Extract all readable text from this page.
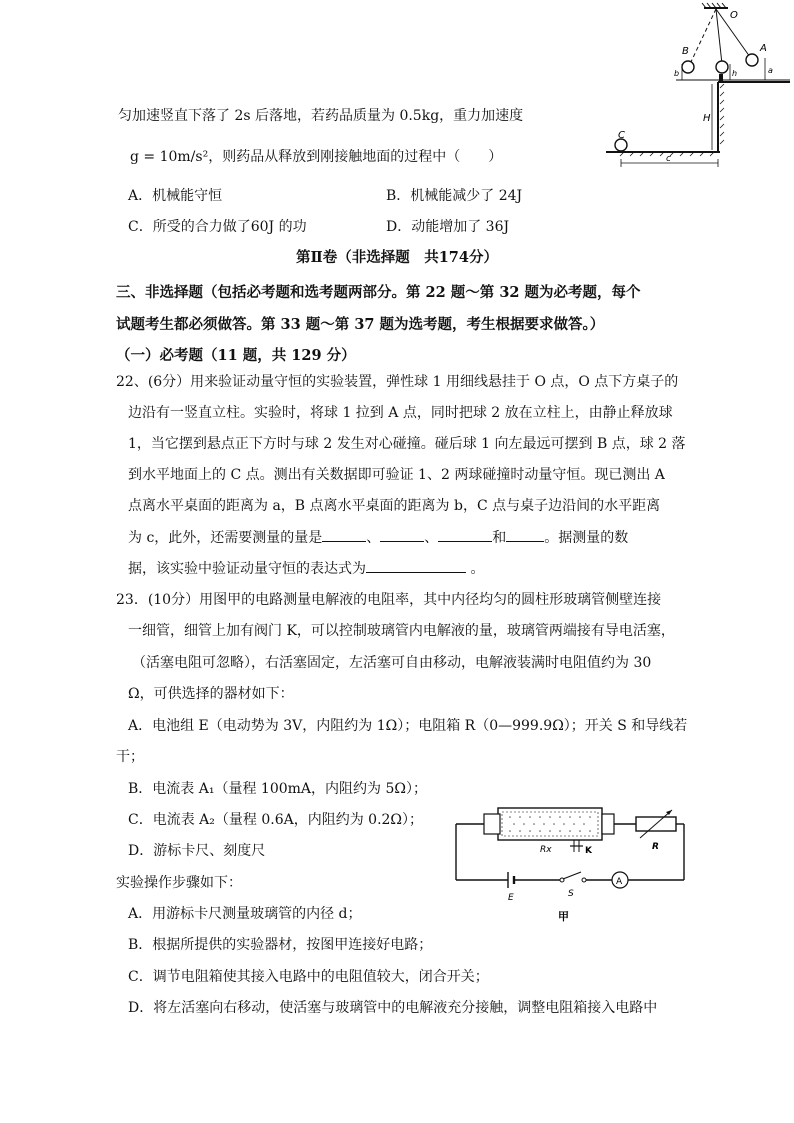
匀加速竖直下落了 2s 后落地，若药品质量为 0.5kg，重力加速度
g = 10m/s²，则药品从释放到刚接触地面的过程中（　　）
A．机械能守恒	B．机械能减少了 24J
C．所受的合力做了60J 的功	D．动能增加了 36J
O
A
B
C
a
b	h
H
c
第Ⅱ卷（非选择题　共174分）
三、非选择题（包括必考题和选考题两部分。第 22 题～第 32 题为必考题，每个
试题考生都必须做答。第 33 题～第 37 题为选考题，考生根据要求做答。）
（一）必考题（11 题，共 129 分）
22、(6分）用来验证动量守恒的实验装置，弹性球 1 用细线悬挂于 O 点，O 点下方桌子的
边沿有一竖直立柱。实验时，将球 1 拉到 A 点，同时把球 2 放在立柱上，由静止释放球
1，当它摆到悬点正下方时与球 2 发生对心碰撞。碰后球 1 向左最远可摆到 B 点，球 2 落
到水平地面上的 C 点。测出有关数据即可验证 1、2 两球碰撞时动量守恒。现已测出 A
点离水平桌面的距离为 a，B 点离水平桌面的距离为 b，C 点与桌子边沿间的水平距离
为 c，此外，还需要测量的量是	、	、	和	。据测量的数
据，该实验中验证动量守恒的表达式为	。
23．(10分）用图甲的电路测量电解液的电阻率，其中内径均匀的圆柱形玻璃管侧壁连接
一细管，细管上加有阀门 K，可以控制玻璃管内电解液的量，玻璃管两端接有导电活塞，
（活塞电阻可忽略），右活塞固定，左活塞可自由移动，电解液装满时电阻值约为 30
Ω，可供选择的器材如下：
A．电池组 E（电动势为 3V，内阻约为 1Ω）；电阻箱 R（0—999.9Ω）；开关 S 和导线若
干；
B．电流表 A₁（量程 100mA，内阻约为 5Ω）；
C．电流表 A₂（量程 0.6A，内阻约为 0.2Ω）；
D．游标卡尺、刻度尺
实验操作步骤如下：
A．用游标卡尺测量玻璃管的内径 d；
B．根据所提供的实验器材，按图甲连接好电路；
C．调节电阻箱使其接入电路中的电阻值较大，闭合开关；
D．将左活塞向右移动，使活塞与玻璃管中的电解液充分接触，调整电阻箱接入电路中
Rx	K	R
E	S
A
甲
